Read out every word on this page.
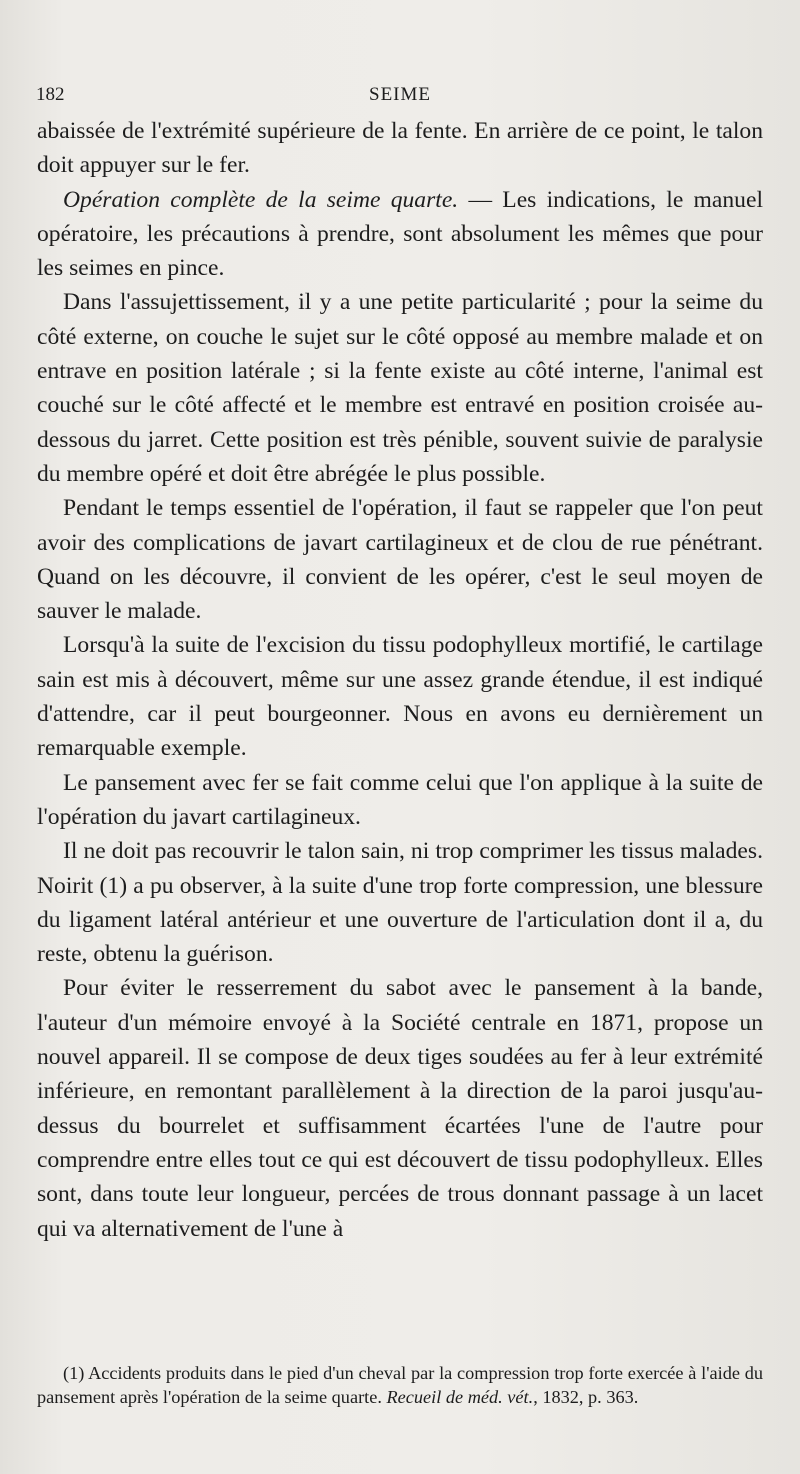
182	SEIME

abaissée de l'extrémité supérieure de la fente. En arrière de ce point, le talon doit appuyer sur le fer.

Opération complète de la seime quarte. — Les indications, le manuel opératoire, les précautions à prendre, sont absolument les mêmes que pour les seimes en pince.

Dans l'assujettissement, il y a une petite particularité ; pour la seime du côté externe, on couche le sujet sur le côté opposé au membre malade et on entrave en position latérale ; si la fente existe au côté interne, l'animal est couché sur le côté affecté et le membre est entravé en position croisée au-dessous du jarret. Cette position est très pénible, souvent suivie de paralysie du membre opéré et doit être abrégée le plus possible.

Pendant le temps essentiel de l'opération, il faut se rappeler que l'on peut avoir des complications de javart cartilagineux et de clou de rue pénétrant. Quand on les découvre, il convient de les opérer, c'est le seul moyen de sauver le malade.

Lorsqu'à la suite de l'excision du tissu podophylleux mortifié, le cartilage sain est mis à découvert, même sur une assez grande étendue, il est indiqué d'attendre, car il peut bourgeonner. Nous en avons eu dernièrement un remarquable exemple.

Le pansement avec fer se fait comme celui que l'on applique à la suite de l'opération du javart cartilagineux.

Il ne doit pas recouvrir le talon sain, ni trop comprimer les tissus malades. Noirit (1) a pu observer, à la suite d'une trop forte compression, une blessure du ligament latéral antérieur et une ouverture de l'articulation dont il a, du reste, obtenu la guérison.

Pour éviter le resserrement du sabot avec le pansement à la bande, l'auteur d'un mémoire envoyé à la Société centrale en 1871, propose un nouvel appareil. Il se compose de deux tiges soudées au fer à leur extrémité inférieure, en remontant parallèlement à la direction de la paroi jusqu'au-dessus du bourrelet et suffisamment écartées l'une de l'autre pour comprendre entre elles tout ce qui est découvert de tissu podophylleux. Elles sont, dans toute leur longueur, percées de trous donnant passage à un lacet qui va alternativement de l'une à

(1) Accidents produits dans le pied d'un cheval par la compression trop forte exercée à l'aide du pansement après l'opération de la seime quarte. Recueil de méd. vét., 1832, p. 363.
